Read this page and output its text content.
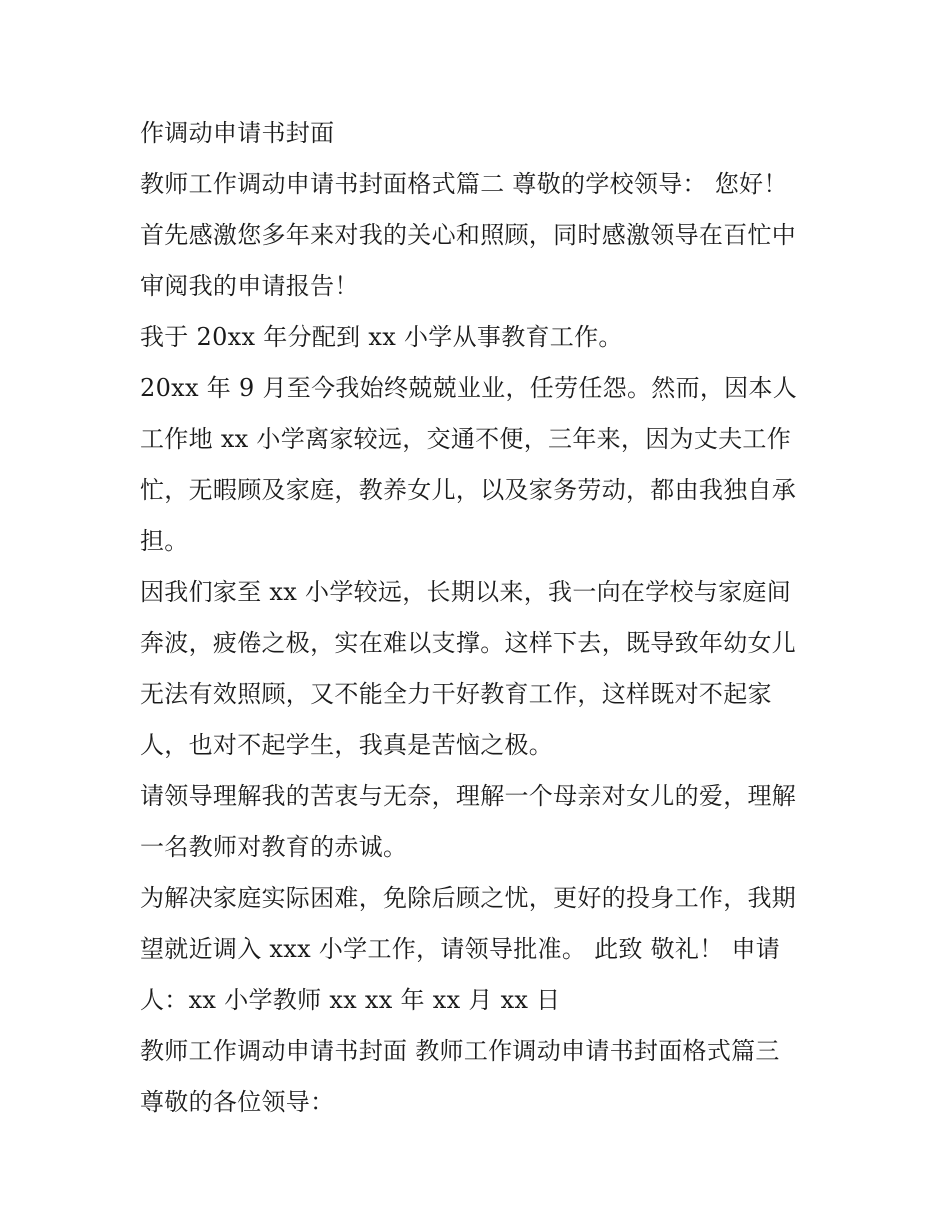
作调动申请书封面
教师工作调动申请书封面格式篇二 尊敬的学校领导： 您好！
首先感激您多年来对我的关心和照顾，同时感激领导在百忙中
审阅我的申请报告！
我于 20xx 年分配到 xx 小学从事教育工作。
20xx 年 9 月至今我始终兢兢业业，任劳任怨。然而，因本人
工作地 xx 小学离家较远，交通不便，三年来，因为丈夫工作
忙，无暇顾及家庭，教养女儿，以及家务劳动，都由我独自承
担。
因我们家至 xx 小学较远，长期以来，我一向在学校与家庭间
奔波，疲倦之极，实在难以支撑。这样下去，既导致年幼女儿
无法有效照顾，又不能全力干好教育工作，这样既对不起家
人，也对不起学生，我真是苦恼之极。
请领导理解我的苦衷与无奈，理解一个母亲对女儿的爱，理解
一名教师对教育的赤诚。
为解决家庭实际困难，免除后顾之忧，更好的投身工作，我期
望就近调入 xxx 小学工作，请领导批准。 此致 敬礼！ 申请
人：xx 小学教师 xx xx 年 xx 月 xx 日
教师工作调动申请书封面 教师工作调动申请书封面格式篇三
尊敬的各位领导：
